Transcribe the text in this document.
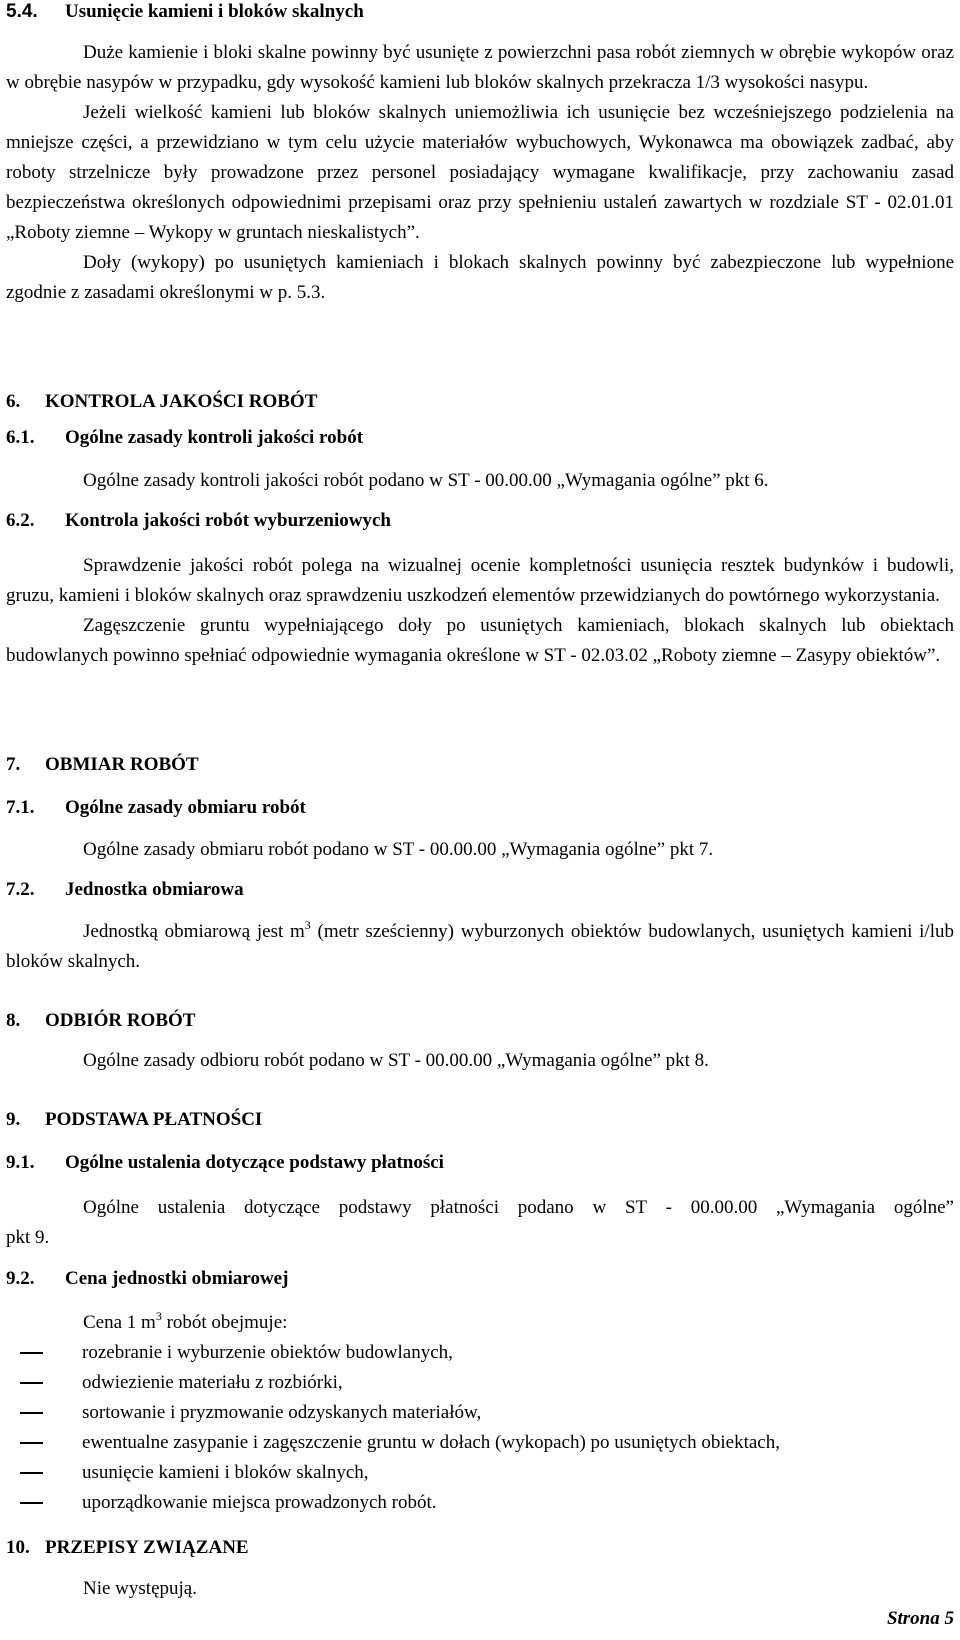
5.4.	Usunięcie kamieni i bloków skalnych

Duże kamienie i bloki skalne powinny być usunięte z powierzchni pasa robót ziemnych w obrębie wykopów oraz w obrębie nasypów w przypadku, gdy wysokość kamieni lub bloków skalnych przekracza 1/3 wysokości nasypu.

Jeżeli wielkość kamieni lub bloków skalnych uniemożliwia ich usunięcie bez wcześniejszego podzielenia na mniejsze części, a przewidziano w tym celu użycie materiałów wybuchowych, Wykonawca ma obowiązek zadbać, aby roboty strzelnicze były prowadzone przez personel posiadający wymagane kwalifikacje, przy zachowaniu zasad bezpieczeństwa określonych odpowiednimi przepisami oraz przy spełnieniu ustaleń zawartych w rozdziale ST - 02.01.01 „Roboty ziemne – Wykopy w gruntach nieskalistych”.

Doły (wykopy) po usuniętych kamieniach i blokach skalnych powinny być zabezpieczone lub wypełnione zgodnie z zasadami określonymi w p. 5.3.

6.	KONTROLA JAKOŚCI ROBÓT
6.1.	Ogólne zasady kontroli jakości robót

Ogólne zasady kontroli jakości robót podano w ST - 00.00.00 „Wymagania ogólne” pkt 6.

6.2.	Kontrola jakości robót wyburzeniowych

Sprawdzenie jakości robót polega na wizualnej ocenie kompletności usunięcia resztek budynków i budowli, gruzu, kamieni i bloków skalnych oraz sprawdzeniu uszkodzeń elementów przewidzianych do powtórnego wykorzystania.

Zagęszczenie gruntu wypełniającego doły po usuniętych kamieniach, blokach skalnych lub obiektach budowlanych powinno spełniać odpowiednie wymagania określone w ST - 02.03.02 „Roboty ziemne – Zasypy obiektów”.

7.	OBMIAR ROBÓT
7.1.	Ogólne zasady obmiaru robót

Ogólne zasady obmiaru robót podano w ST - 00.00.00 „Wymagania ogólne” pkt 7.

7.2.	Jednostka obmiarowa

Jednostką obmiarową jest $m^3$ (metr sześcienny) wyburzonych obiektów budowlanych, usuniętych kamieni i/lub bloków skalnych.

8.	ODBIÓR ROBÓT

Ogólne zasady odbioru robót podano w ST - 00.00.00 „Wymagania ogólne” pkt 8.

9.	PODSTAWA PŁATNOŚCI
9.1.	Ogólne ustalenia dotyczące podstawy płatności

Ogólne ustalenia dotyczące podstawy płatności podano w ST - 00.00.00 „Wymagania ogólne”

pkt 9.

9.2.	Cena jednostki obmiarowej
Cena 1 $m^3$ robót obejmuje:
rozebranie i wyburzenie obiektów budowlanych,
odwiezienie materiału z rozbiórki,
sortowanie i pryzmowanie odzyskanych materiałów,
ewentualne zasypanie i zagęszczenie gruntu w dołach (wykopach) po usuniętych obiektach,
usunięcie kamieni i bloków skalnych,
uporządkowanie miejsca prowadzonych robót.
10. PRZEPISY ZWIĄZANE

Nie występują.

Strona 5
